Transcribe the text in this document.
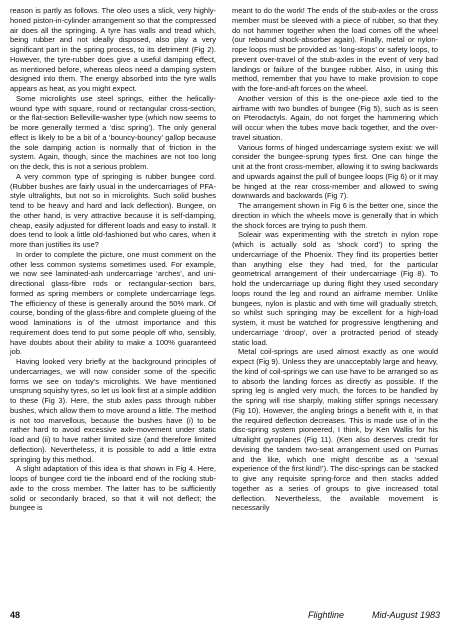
reason is partly as follows. The oleo uses a slick, very highly-honed piston-in-cylinder arrangement so that the compressed air does all the springing. A tyre has walls and tread which, being rubber and not ideally disposed, also play a very significant part in the spring process, to its detriment (Fig 2). However, the tyre-rubber does give a useful damping effect, as mentioned before, whereas oleos need a damping system designed into them. The energy absorbed into the tyre walls appears as heat, as you might expect.

Some microlights use steel springs, either the helically-wound type with square, round or rectangular cross-section, or the flat-section Belleville-washer type (which now seems to be more generally termed a ‘disc spring’). The only general effect is likely to be a bit of a ‘bouncy-bouncy’ gallop because the sole damping action is normally that of friction in the system. Again, though, since the machines are not too long on the deck, this is not a serious problem.

A very common type of springing is rubber bungee cord. (Rubber bushes are fairly usual in the undercarriages of PFA-style ultralights, but not so in microlights. Such solid bushes tend to be heavy and hard and lack deflection). Bungee, on the other hand, is very attractive because it is self-damping, cheap, easily adjusted for different loads and easy to install. It does tend to look a little old-fashioned but who cares, when it more than justifies its use?

In order to complete the picture, one must comment on the other less common systems sometimes used. For example, we now see laminated-ash undercarriage ‘arches’, and uni-directional glass-fibre rods or rectangular-section bars, formed as spring members or complete undercarriage legs. The efficiency of these is generally around the 50% mark. Of course, bonding of the glass-fibre and complete glueing of the wood laminations is of the utmost importance and this requirement does tend to put some people off who, sensibly, have doubts about their ability to make a 100% guaranteed job.

Having looked very briefly at the background principles of undercarriages, we will now consider some of the specific forms we see on today’s microlights. We have mentioned unsprung squishy tyres, so let us look first at a simple addition to these (Fig 3). Here, the stub axles pass through rubber bushes, which allow them to move around a little. The method is not too marvellous, because the bushes have (i) to be rather hard to avoid excessive axle-movement under static load and (ii) to have rather limited size (and therefore limited deflection). Nevertheless, it is possible to add a little extra springing by this method.

A slight adaptation of this idea is that shown in Fig 4. Here, loops of bungee cord tie the inboard end of the rocking stub-axle to the cross member. The latter has to be sufficiently solid or secondarily braced, so that it will not deflect; the bungee is

meant to do the work! The ends of the stub-axles or the cross member must be sleeved with a piece of rubber, so that they do not hammer together when the load comes off the wheel (our rebound shock-absorber again). Finally, metal or nylon-rope loops must be provided as ‘long-stops’ or safety loops, to prevent over-travel of the stub-axles in the event of very bad landings or failure of the bungee rubber. Also, in using this method, remember that you have to make provision to cope with the fore-and-aft forces on the wheel.

Another version of this is the one-piece axle tied to the airframe with two bundles of bungee (Fig 5), such as is seen on Pterodactyls. Again, do not forget the hammering which will occur when the tubes move back together, and the over-travel situation.

Various forms of hinged undercarriage system exist: we will consider the bungee-sprung types first. One can hinge the unit at the front cross-member, allowing it to swing backwards and upwards against the pull of bungee loops (Fig 6) or it may be hinged at the rear cross-member and allowed to swing downwards and backwards (Fig 7).

The arrangement shown in Fig 6 is the better one, since the direction in which the wheels move is generally that in which the shock forces are trying to push them.

Soleair was experimenting with the stretch in nylon rope (which is actually sold as ‘shock cord’) to spring the undercarriage of the Phoenix. They find its properties better than anything else they had tried, for the particular geometrical arrangement of their undercarriage (Fig 8). To hold the undercarriage up during flight they used secondary loops round the leg and round an airframe member. Unlike bungees, nylon is plastic and with time will gradually stretch, so whilst such springing may be excellent for a high-load system, it must be watched for progressive lengthening and undercarriage ‘droop’, over a protracted period of steady static load.

Metal coil-springs are used almost exactly as one would expect (Fig 9). Unless they are unacceptably large and heavy, the kind of coil-springs we can use have to be arranged so as to absorb the landing forces as directly as possible. If the spring leg is angled very much, the forces to be handled by the spring will rise sharply, making stiffer springs necessary (Fig 10). However, the angling brings a benefit with it, in that the required deflection decreases. This is made use of in the disc-spring system pioneered, I think, by Ken Wallis for his ultralight gyroplanes (Fig 11). (Ken also deserves credit for devising the tandem two-seat arrangement used on Pumas and the like, which one might describe as a ‘sexual experience of the first kind!’). The disc-springs can be stacked to give any requisite spring-force and then stacks added together as a series of groups to give increased total deflection. Nevertheless, the available movement is necessarily

48	Flightline	Mid-August 1983
